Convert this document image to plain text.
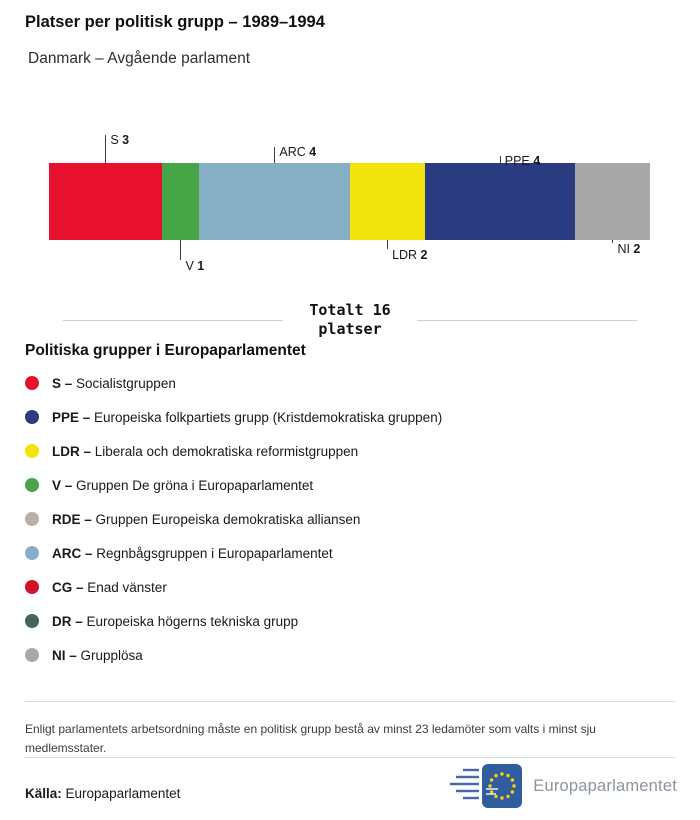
Platser per politisk grupp – 1989–1994
Danmark – Avgående parlament
S 3
V 1
ARC 4
LDR 2
PPE 4
NI 2
Totalt 16
platser
Politiska grupper i Europaparlamentet
S – Socialistgruppen
PPE – Europeiska folkpartiets grupp (Kristdemokratiska gruppen)
LDR – Liberala och demokratiska reformistgruppen
V – Gruppen De gröna i Europaparlamentet
RDE – Gruppen Europeiska demokratiska alliansen
ARC – Regnbågsgruppen i Europaparlamentet
CG – Enad vänster
DR – Europeiska högerns tekniska grupp
NI – Grupplösa

Enligt parlamentets arbetsordning måste en politisk grupp bestå av minst 23 ledamöter som valts i minst sju medlemsstater.

Källa: Europaparlamentet	Europaparlamentet
